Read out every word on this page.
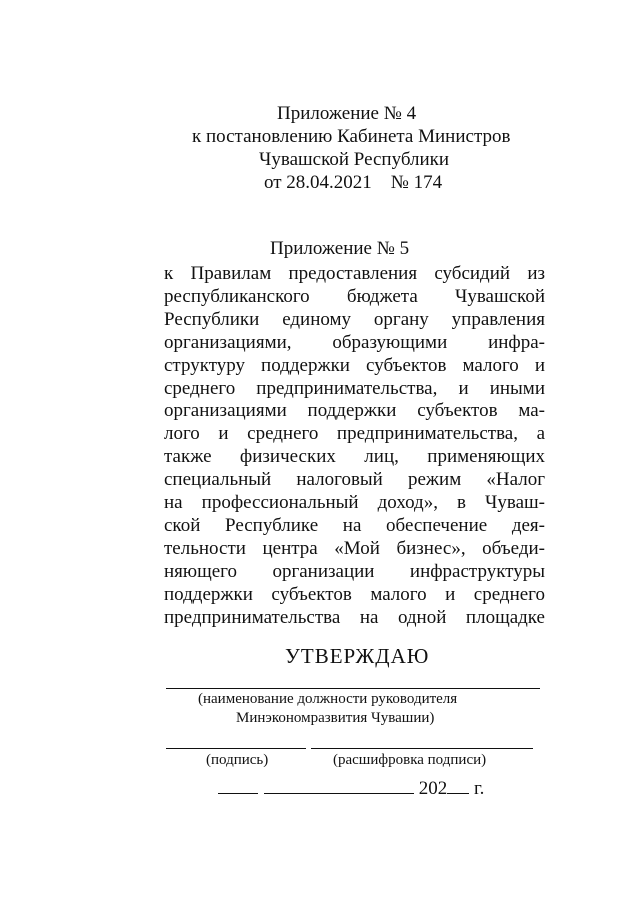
Приложение № 4
к постановлению Кабинета Министров
Чувашской Республики
от 28.04.2021    № 174
Приложение № 5
к Правилам предоставления субсидий из
республиканского бюджета Чувашской
Республики единому органу управления
организациями, образующими инфра-
структуру поддержки субъектов малого и
среднего предпринимательства, и иными
организациями поддержки субъектов ма-
лого и среднего предпринимательства, а
также физических лиц, применяющих
специальный налоговый режим «Налог
на профессиональный доход», в Чуваш-
ской Республике на обеспечение дея-
тельности центра «Мой бизнес», объеди-
няющего организации инфраструктуры
поддержки субъектов малого и среднего
предпринимательства на одной площадке
УТВЕРЖДАЮ
(наименование должности руководителя
Минэкономразвития Чувашии)
(подпись)	(расшифровка подписи)
202 г.
